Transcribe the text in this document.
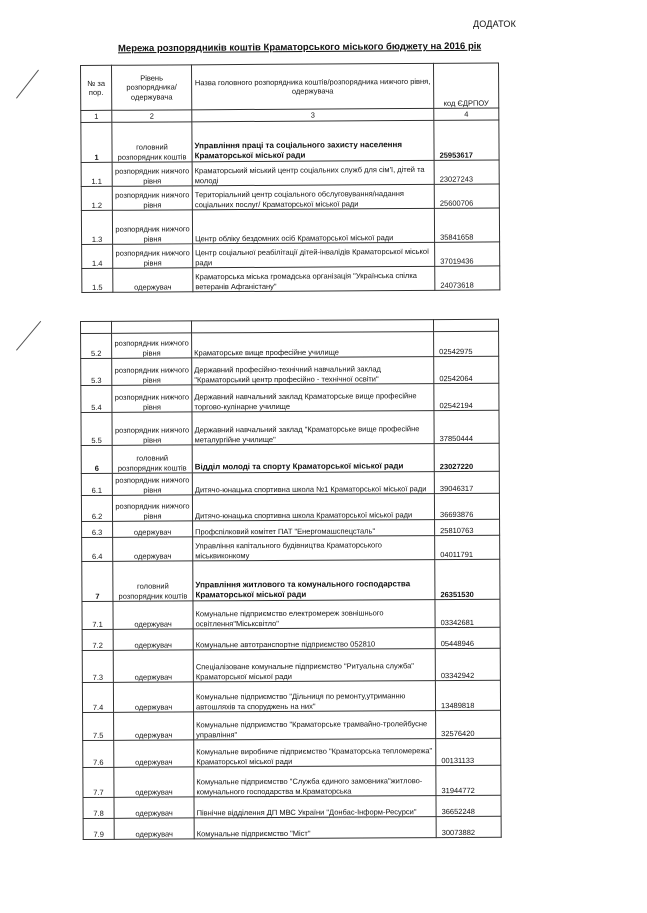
ДОДАТОК
Мережа розпорядників коштів Краматорського міського бюджету на 2016 рік
№ за пор.	Рівень розпорядника/одержувача	Назва головного розпорядника коштів/розпорядника нижчого рівня, одержувача	код ЄДРПОУ
1	2	3	4
1	головний розпорядник коштів	Управління праці та соціального захисту населення Краматорської міської ради	25953617
1.1	розпорядник нижчого рівня	Краматорський міський центр соціальних служб для сім'ї, дітей та молоді	23027243
1.2	розпорядник нижчого рівня	Територіальний центр соціального обслуговування/надання соціальних послуг/ Краматорської міської ради	25600706
1.3	розпорядник нижчого рівня	Центр обліку бездомних осіб Краматорської міської ради	35841658
1.4	розпорядник нижчого рівня	Центр соціальної реабілітації дітей-інвалідів Краматорської міської ради	37019436
1.5	одержувач	Краматорська міська громадська організація "Українська спілка ветеранів Афганістану"	24073618

5.2	розпорядник нижчого рівня	Краматорське вище професійне училище	02542975
5.3	розпорядник нижчого рівня	Державний професійно-технічний навчальний заклад "Краматорський центр професійно - технічної освіти"	02542064
5.4	розпорядник нижчого рівня	Державний навчальний заклад Краматорське вище професійне торгово-кулінарне училище	02542194
5.5	розпорядник нижчого рівня	Державний навчальний заклад "Краматорське вище професійне металургійне училище"	37850444
6	головний розпорядник коштів	Відділ молоді та спорту Краматорської міської ради	23027220
6.1	розпорядник нижчого рівня	Дитячо-юнацька спортивна школа №1 Краматорської міської ради	39046317
6.2	розпорядник нижчого рівня	Дитячо-юнацька спортивна школа Краматорської міської ради	36693876
6.3	одержувач	Профспілковий комітет ПАТ "Енергомашспецсталь"	25810763
6.4	одержувач	Управління капітального будівництва Краматорського міськвиконкому	04011791
7	головний розпорядник коштів	Управління житлового та комунального господарства Краматорської міської ради	26351530
7.1	одержувач	Комунальне підприємство електромереж зовнішнього освітлення"Міськсвітло"	03342681
7.2	одержувач	Комунальне автотранспортне підприємство 052810	05448946
7.3	одержувач	Спеціалізоване комунальне підприємство "Ритуальна служба" Краматорської міської ради	03342942
7.4	одержувач	Комунальне підприємство "Дільниця по ремонту,утриманню автошляхів та споруджень на них"	13489818
7.5	одержувач	Комунальне підприємство "Краматорське трамвайно-тролейбусне управління"	32576420
7.6	одержувач	Комунальне виробниче підприємство "Краматорська тепломережа" Краматорської міської ради	00131133
7.7	одержувач	Комунальне підприємство "Служба єдиного замовника"житлово-комунального господарства м.Краматорська	31944772
7.8	одержувач	Північне відділення ДП МВС України "Донбас-Інформ-Ресурси"	36652248
7.9	одержувач	Комунальне підприємство "Міст"	30073882
